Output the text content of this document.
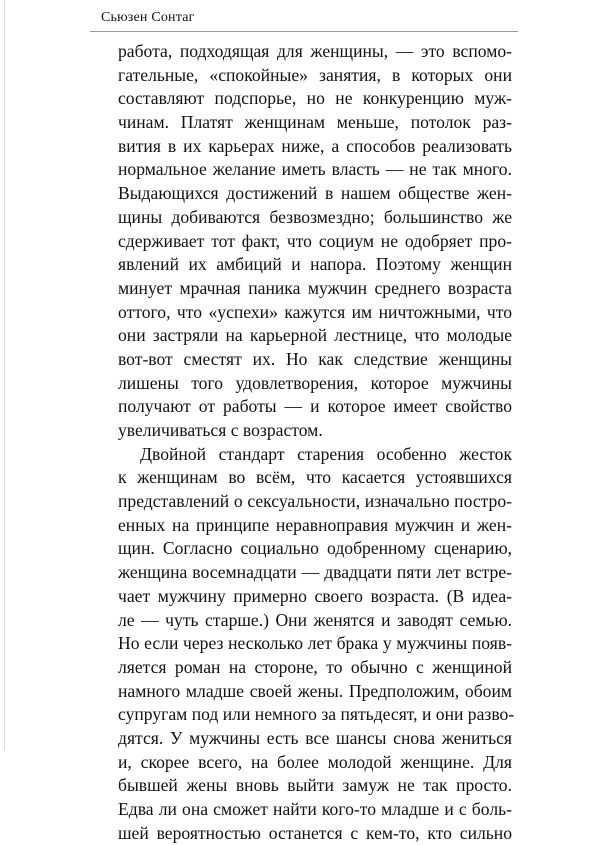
Сьюзен Сонтаг
работа, подходящая для женщины, — это вспомо-
гательные, «спокойные» занятия, в которых они
составляют подспорье, но не конкуренцию муж-
чинам. Платят женщинам меньше, потолок раз-
вития в их карьерах ниже, а способов реализовать
нормальное желание иметь власть — не так много.
Выдающихся достижений в нашем обществе жен-
щины добиваются безвозмездно; большинство же
сдерживает тот факт, что социум не одобряет про-
явлений их амбиций и напора. Поэтому женщин
минует мрачная паника мужчин среднего возраста
оттого, что «успехи» кажутся им ничтожными, что
они застряли на карьерной лестнице, что молодые
вот-вот сместят их. Но как следствие женщины
лишены того удовлетворения, которое мужчины
получают от работы — и которое имеет свойство
увеличиваться с возрастом.
Двойной стандарт старения особенно жесток
к женщинам во всём, что касается устоявшихся
представлений о сексуальности, изначально постро-
енных на принципе неравноправия мужчин и жен-
щин. Согласно социально одобренному сценарию,
женщина восемнадцати — двадцати пяти лет встре-
чает мужчину примерно своего возраста. (В идеа-
ле — чуть старше.) Они женятся и заводят семью.
Но если через несколько лет брака у мужчины появ-
ляется роман на стороне, то обычно с женщиной
намного младше своей жены. Предположим, обоим
супругам под или немного за пятьдесят, и они разво-
дятся. У мужчины есть все шансы снова жениться
и, скорее всего, на более молодой женщине. Для
бывшей жены вновь выйти замуж не так просто.
Едва ли она сможет найти кого-то младше и с боль-
шей вероятностью останется с кем-то, кто сильно
